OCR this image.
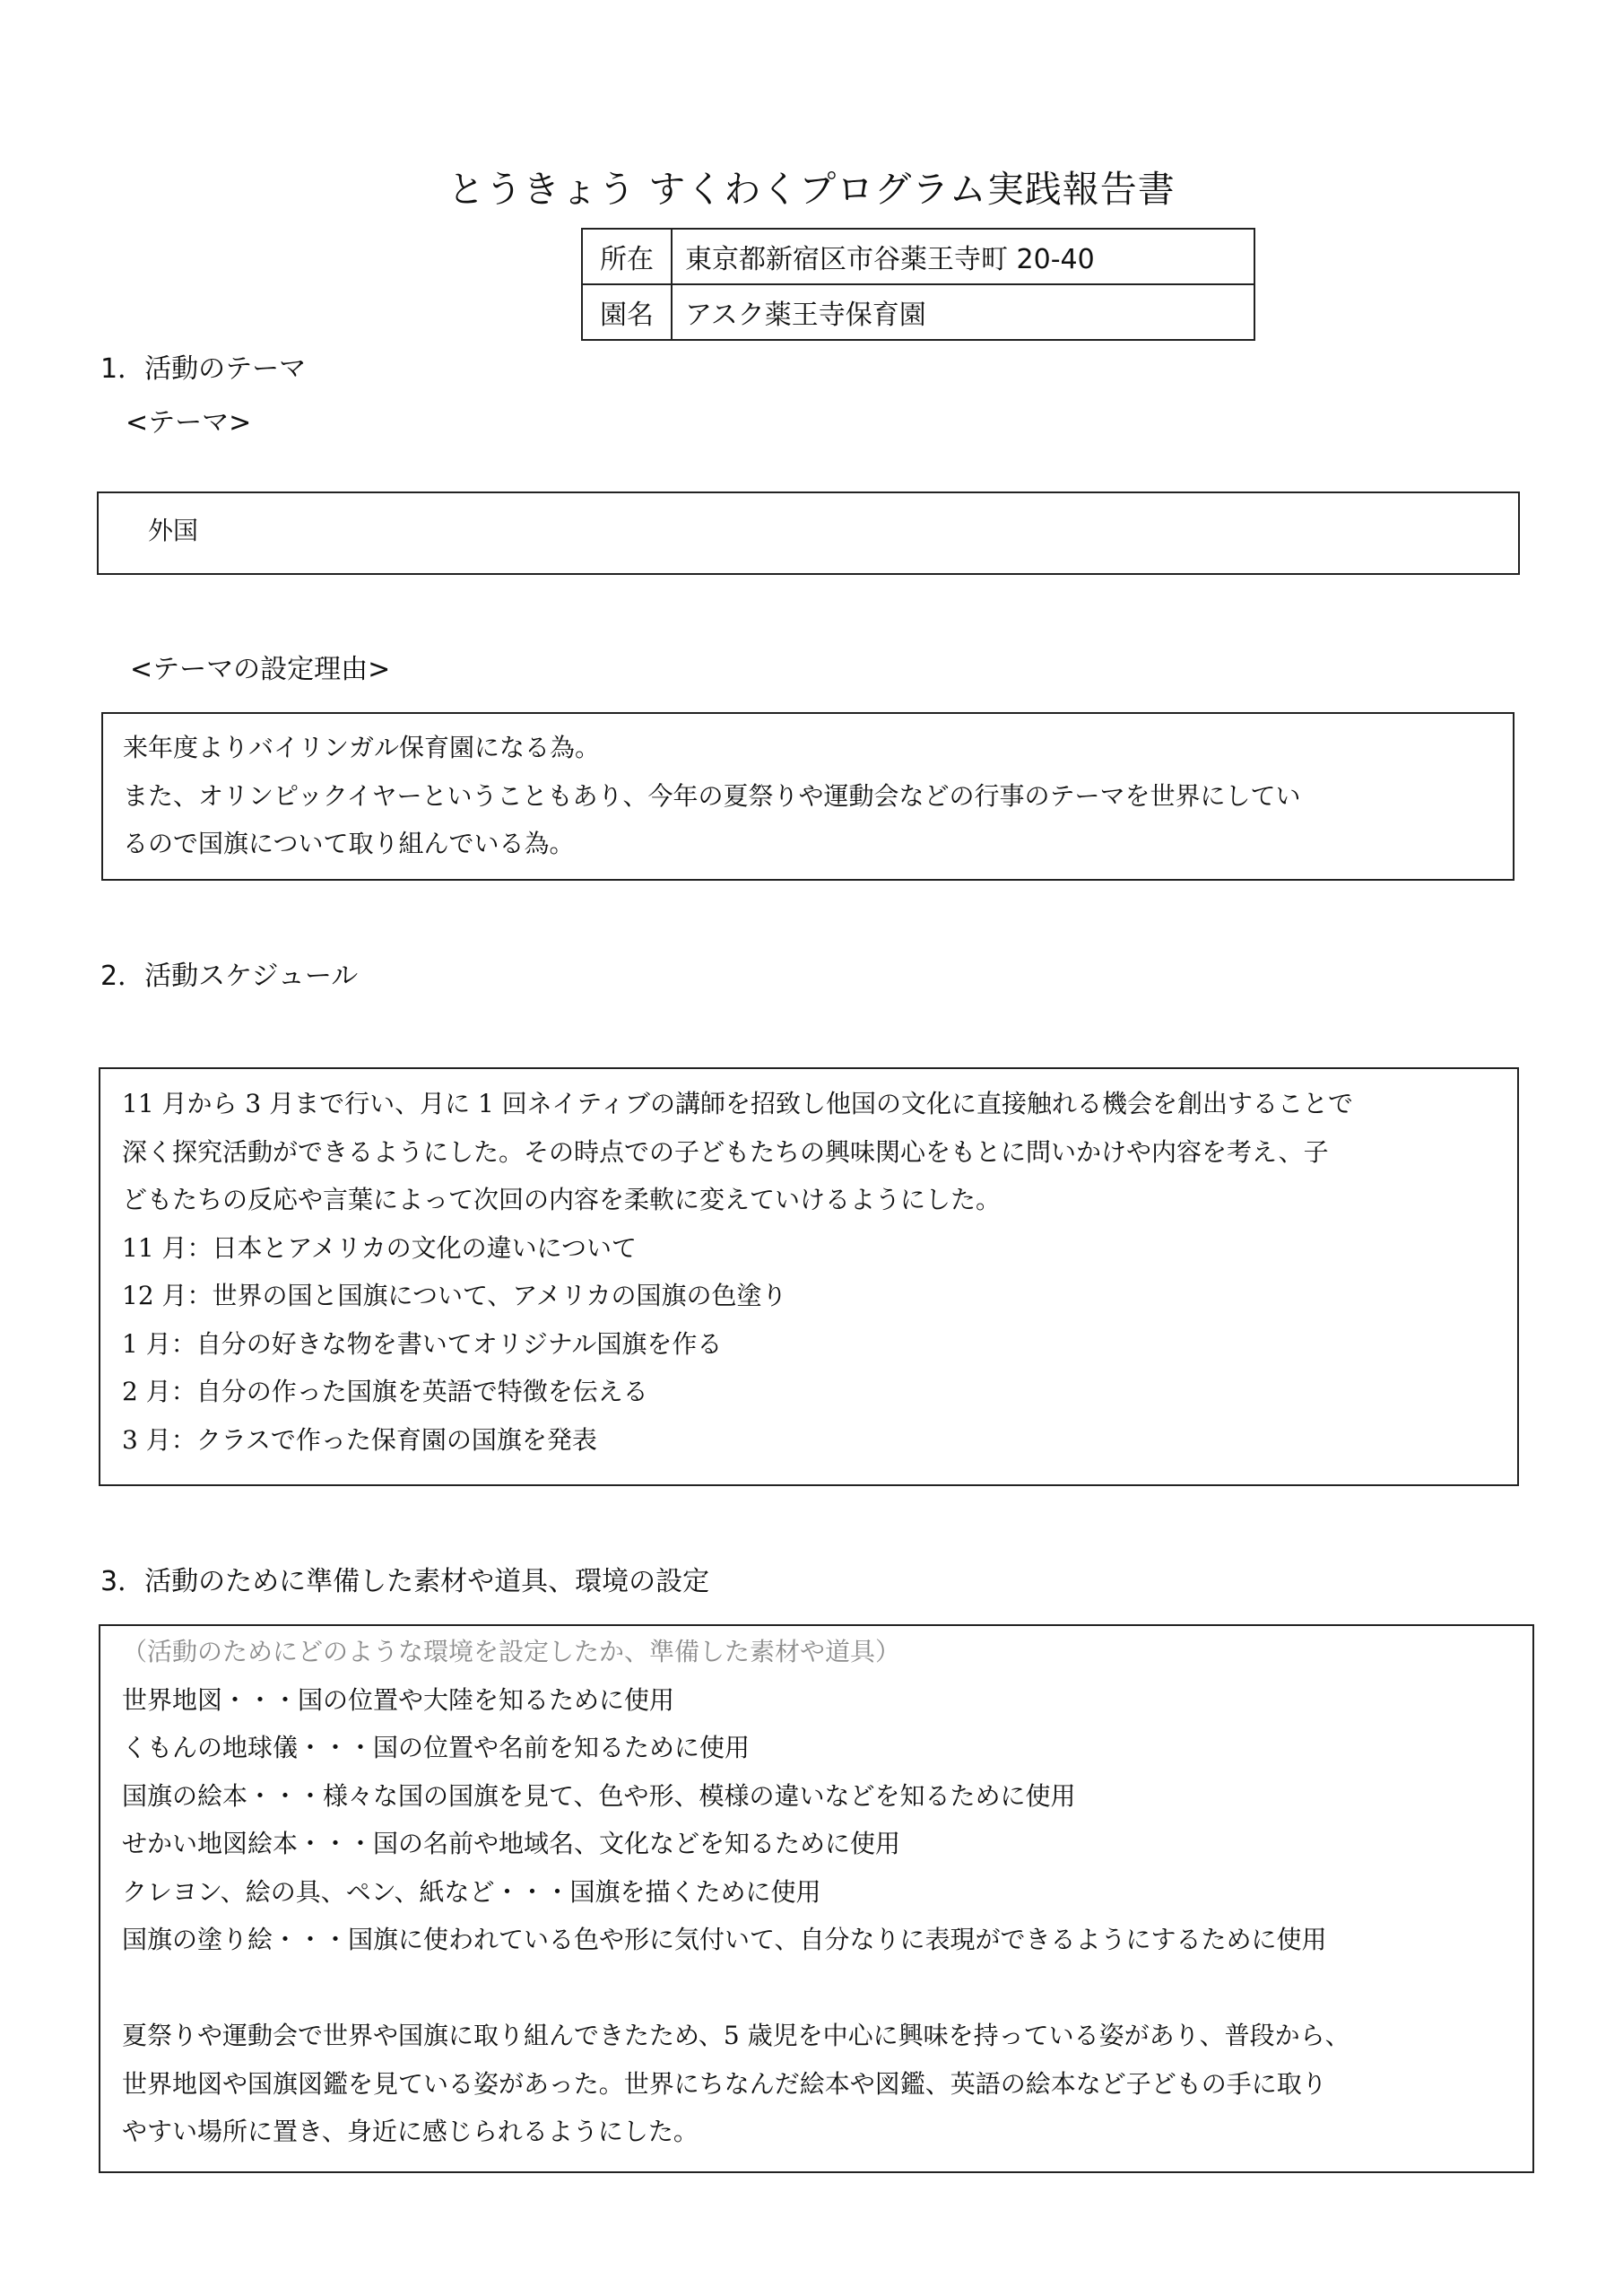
とうきょう すくわくプログラム実践報告書
所在	東京都新宿区市谷薬王寺町 20-40
園名	アスク薬王寺保育園
1．活動のテーマ
<テーマ>
外国
<テーマの設定理由>
来年度よりバイリンガル保育園になる為。
また、オリンピックイヤーということもあり、今年の夏祭りや運動会などの行事のテーマを世界にしてい
るので国旗について取り組んでいる為。
2．活動スケジュール
11 月から 3 月まで行い、月に 1 回ネイティブの講師を招致し他国の文化に直接触れる機会を創出することで
深く探究活動ができるようにした。その時点での子どもたちの興味関心をもとに問いかけや内容を考え、子
どもたちの反応や言葉によって次回の内容を柔軟に変えていけるようにした。
11 月：日本とアメリカの文化の違いについて
12 月：世界の国と国旗について、アメリカの国旗の色塗り
1 月：自分の好きな物を書いてオリジナル国旗を作る
2 月：自分の作った国旗を英語で特徴を伝える
3 月：クラスで作った保育園の国旗を発表
3．活動のために準備した素材や道具、環境の設定
（活動のためにどのような環境を設定したか、準備した素材や道具）
世界地図・・・国の位置や大陸を知るために使用
くもんの地球儀・・・国の位置や名前を知るために使用
国旗の絵本・・・様々な国の国旗を見て、色や形、模様の違いなどを知るために使用
せかい地図絵本・・・国の名前や地域名、文化などを知るために使用
クレヨン、絵の具、ペン、紙など・・・国旗を描くために使用
国旗の塗り絵・・・国旗に使われている色や形に気付いて、自分なりに表現ができるようにするために使用
夏祭りや運動会で世界や国旗に取り組んできたため、5 歳児を中心に興味を持っている姿があり、普段から、
世界地図や国旗図鑑を見ている姿があった。世界にちなんだ絵本や図鑑、英語の絵本など子どもの手に取り
やすい場所に置き、身近に感じられるようにした。
